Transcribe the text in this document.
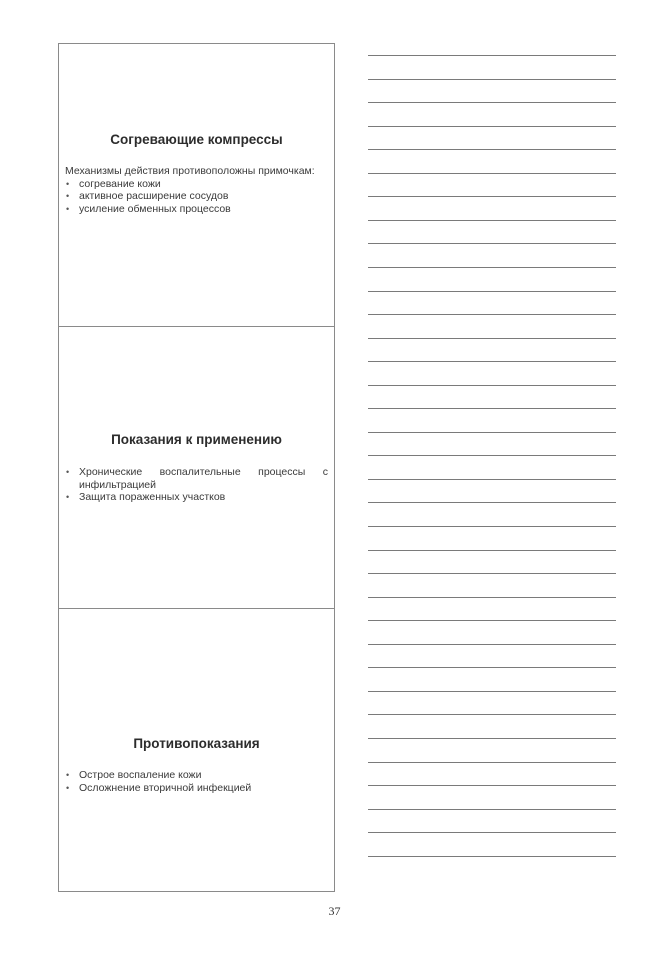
Согревающие компрессы

Механизмы действия противоположны примочкам:

• согревание кожи
• активное расширение сосудов
• усиление обменных процессов
Показания к применению
• Хронические воспалительные процессы с инфильтрацией
• Защита пораженных участков
Противопоказания
• Острое воспаление кожи
• Осложнение вторичной инфекцией
37
